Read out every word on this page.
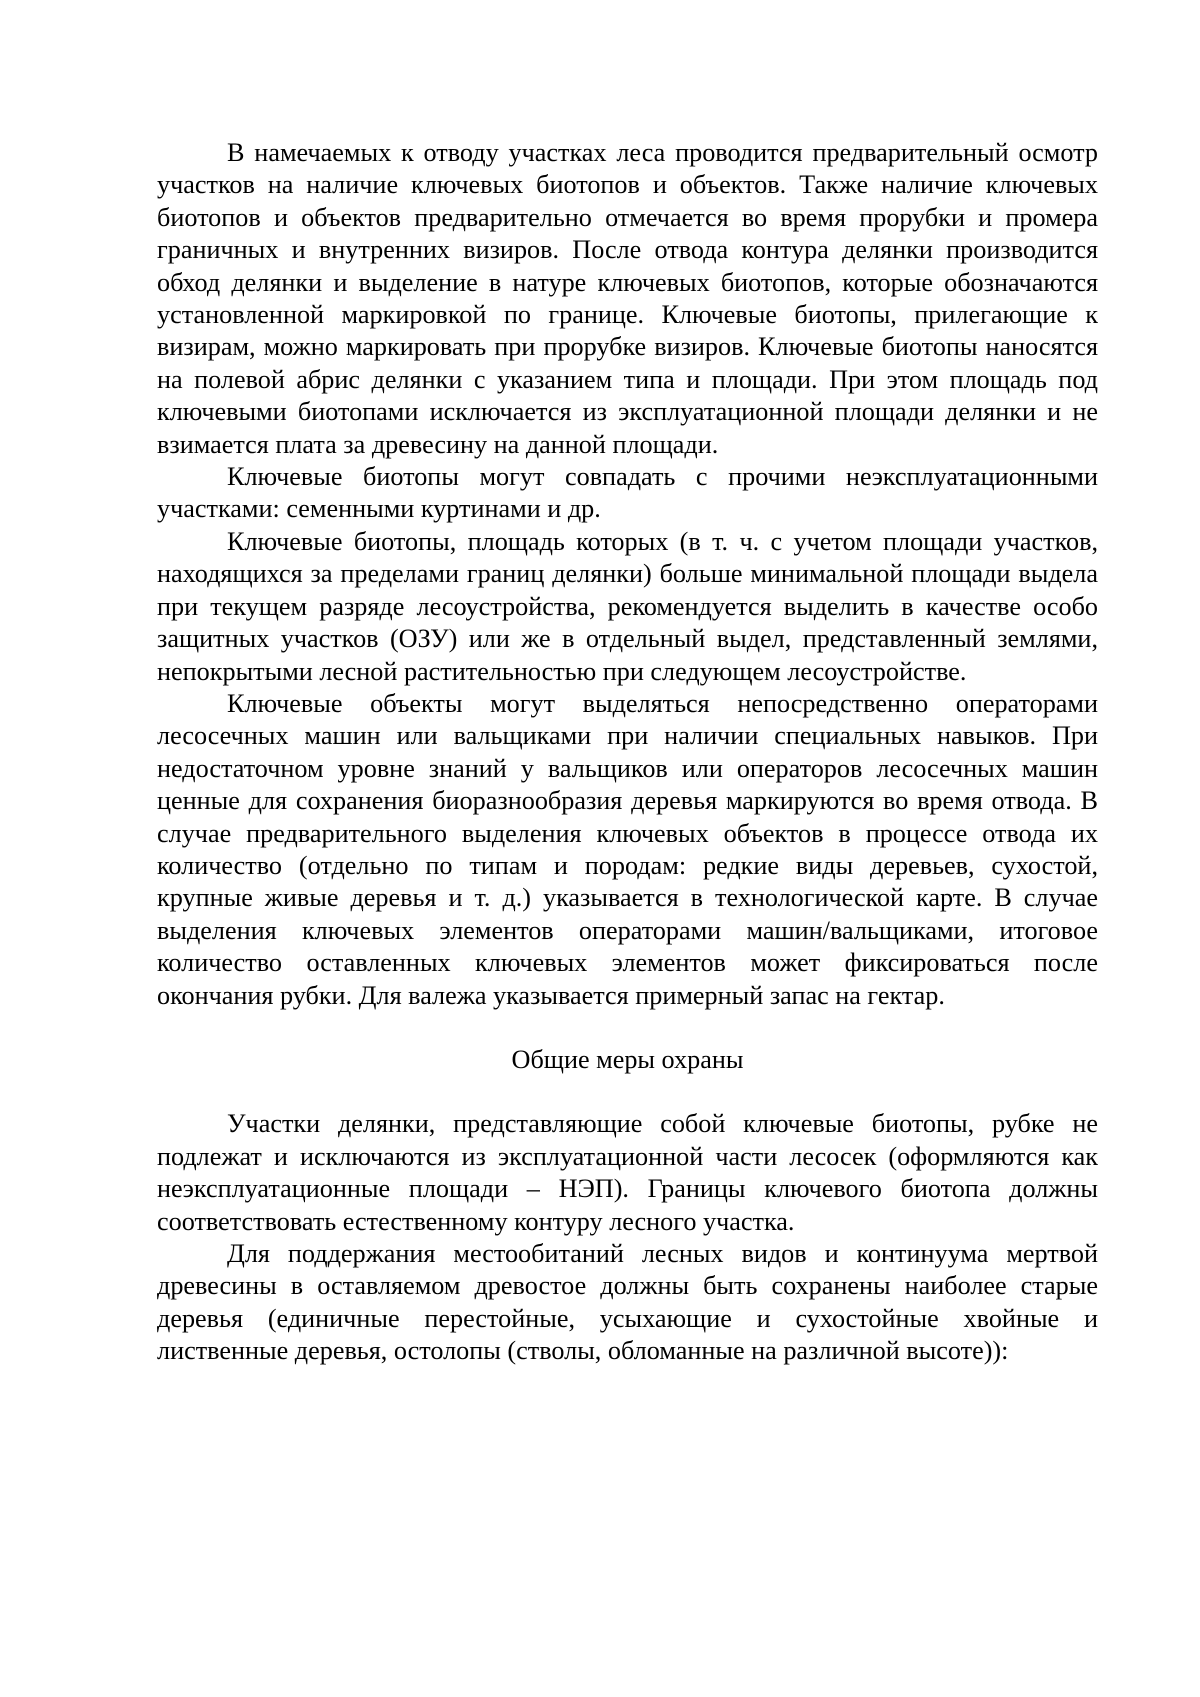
В намечаемых к отводу участках леса проводится предварительный осмотр участков на наличие ключевых биотопов и объектов. Также наличие ключевых биотопов и объектов предварительно отмечается во время прорубки и промера граничных и внутренних визиров. После отвода контура делянки производится обход делянки и выделение в натуре ключевых биотопов, которые обозначаются установленной маркировкой по границе. Ключевые биотопы, прилегающие к визирам, можно маркировать при прорубке визиров. Ключевые биотопы наносятся на полевой абрис делянки с указанием типа и площади. При этом площадь под ключевыми биотопами исключается из эксплуатационной площади делянки и не взимается плата за древесину на данной площади.

Ключевые биотопы могут совпадать с прочими неэксплуатационными участками: семенными куртинами и др.

Ключевые биотопы, площадь которых (в т. ч. с учетом площади участков, находящихся за пределами границ делянки) больше минимальной площади выдела при текущем разряде лесоустройства, рекомендуется выделить в качестве особо защитных участков (ОЗУ) или же в отдельный выдел, представленный землями, непокрытыми лесной растительностью при следующем лесоустройстве.

Ключевые объекты могут выделяться непосредственно операторами лесосечных машин или вальщиками при наличии специальных навыков. При недостаточном уровне знаний у вальщиков или операторов лесосечных машин ценные для сохранения биоразнообразия деревья маркируются во время отвода. В случае предварительного выделения ключевых объектов в процессе отвода их количество (отдельно по типам и породам: редкие виды деревьев, сухостой, крупные живые деревья и т. д.) указывается в технологической карте. В случае выделения ключевых элементов операторами машин/вальщиками, итоговое количество оставленных ключевых элементов может фиксироваться после окончания рубки. Для валежа указывается примерный запас на гектар.

Общие меры охраны

Участки делянки, представляющие собой ключевые биотопы, рубке не подлежат и исключаются из эксплуатационной части лесосек (оформляются как неэксплуатационные площади – НЭП). Границы ключевого биотопа должны соответствовать естественному контуру лесного участка.

Для поддержания местообитаний лесных видов и континуума мертвой древесины в оставляемом древостое должны быть сохранены наиболее старые деревья (единичные перестойные, усыхающие и сухостойные хвойные и лиственные деревья, остолопы (стволы, обломанные на различной высоте)):
